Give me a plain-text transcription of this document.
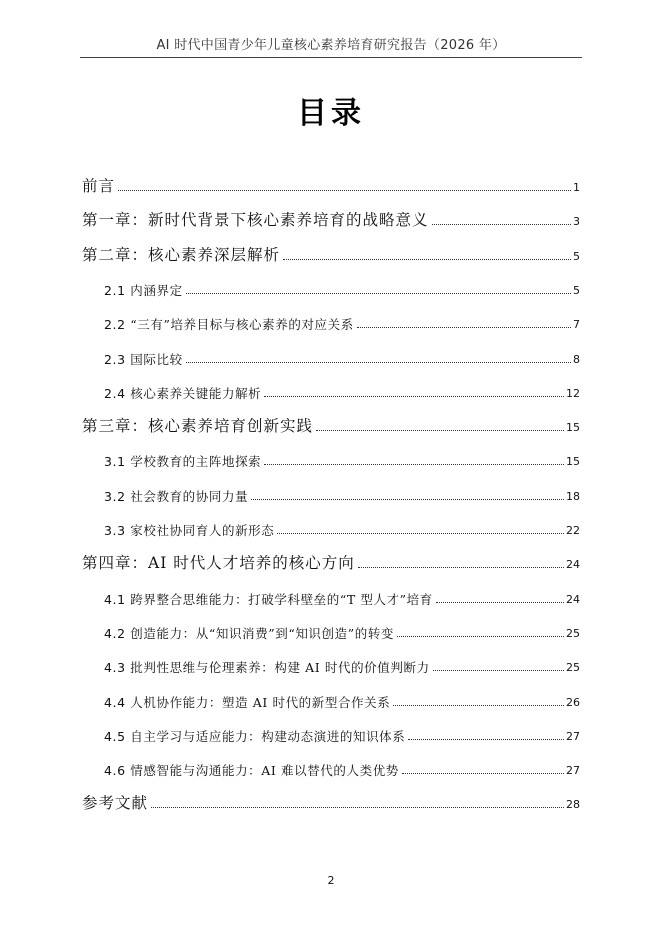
AI 时代中国青少年儿童核心素养培育研究报告（2026 年）
目录
前言	1
第一章：新时代背景下核心素养培育的战略意义	3
第二章：核心素养深层解析	5
2.1 内涵界定	5
2.2 “三有”培养目标与核心素养的对应关系	7
2.3 国际比较	8
2.4 核心素养关键能力解析	12
第三章：核心素养培育创新实践	15
3.1 学校教育的主阵地探索	15
3.2 社会教育的协同力量	18
3.3 家校社协同育人的新形态	22
第四章：AI 时代人才培养的核心方向	24
4.1 跨界整合思维能力：打破学科壁垒的“T 型人才”培育	24
4.2 创造能力：从“知识消费”到“知识创造”的转变	25
4.3 批判性思维与伦理素养：构建 AI 时代的价值判断力	25
4.4 人机协作能力：塑造 AI 时代的新型合作关系	26
4.5 自主学习与适应能力：构建动态演进的知识体系	27
4.6 情感智能与沟通能力：AI 难以替代的人类优势	27
参考文献	28
2
